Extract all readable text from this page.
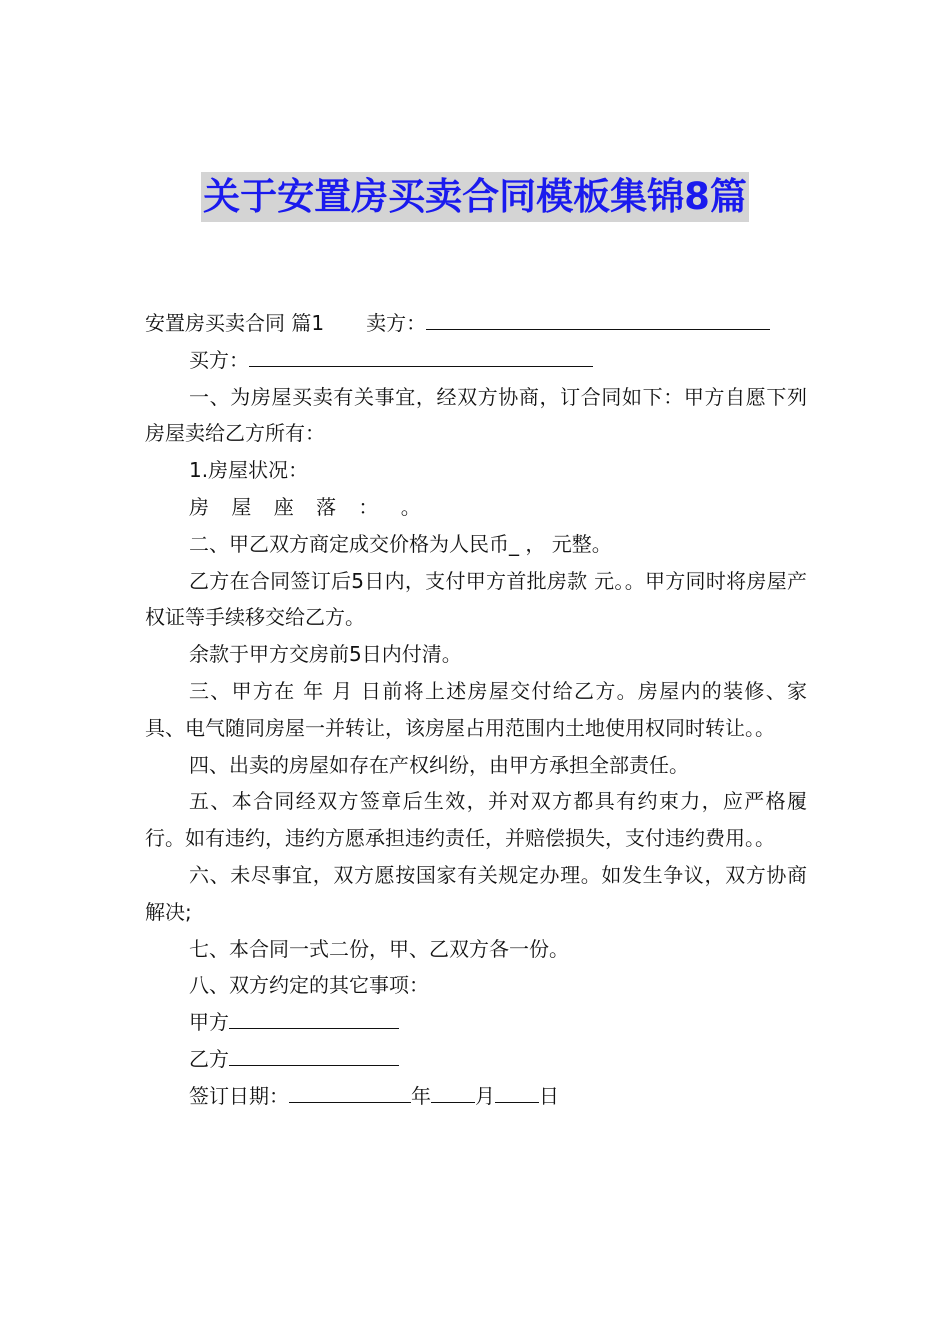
关于安置房买卖合同模板集锦8篇

安置房买卖合同 篇1 卖方：

买方：

一、为房屋买卖有关事宜，经双方协商，订合同如下：甲方自愿下列房屋卖给乙方所有：

1.房屋状况：

房 屋 座 落 ： 。

二、甲乙双方商定成交价格为人民币_ ， 元整。

乙方在合同签订后5日内，支付甲方首批房款 元。。甲方同时将房屋产权证等手续移交给乙方。

余款于甲方交房前5日内付清。

三、甲方在 年 月 日前将上述房屋交付给乙方。房屋内的装修、家具、电气随同房屋一并转让，该房屋占用范围内土地使用权同时转让。。

四、出卖的房屋如存在产权纠纷，由甲方承担全部责任。

五、本合同经双方签章后生效，并对双方都具有约束力，应严格履行。如有违约，违约方愿承担违约责任，并赔偿损失，支付违约费用。。

六、未尽事宜，双方愿按国家有关规定办理。如发生争议，双方协商解决;

七、本合同一式二份，甲、乙双方各一份。

八、双方约定的其它事项：

甲方

乙方

签订日期：	年 月 日
